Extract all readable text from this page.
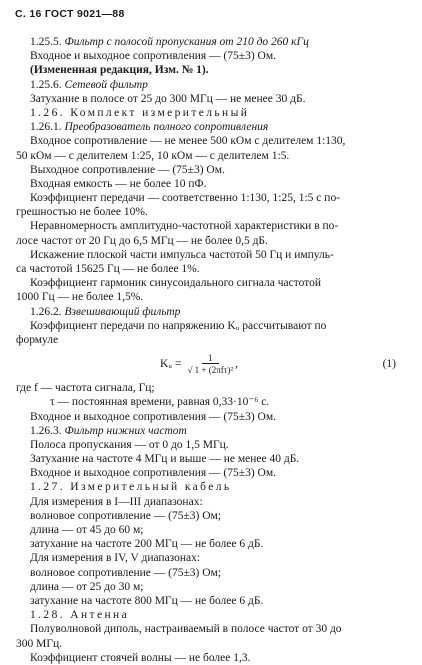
С. 16 ГОСТ 9021—88
1.25.5. Фильтр с полосой пропускания от 210 до 260 кГц
Входное и выходное сопротивления — (75±3) Ом.
(Измененная редакция, Изм. № 1).
1.25.6. Сетевой фильтр
Затухание в полосе от 25 до 300 МГц — не менее 30 дБ.
1.26. Комплект измерительный
1.26.1. Преобразователь полного сопротивления
Входное сопротивление — не менее 500 кОм с делителем 1:130,
50 кОм — с делителем 1:25, 10 кОм — с делителем 1:5.
Выходное сопротивление — (75±3) Ом.
Входная емкость — не более 10 пФ.
Коэффициент передачи — соответственно 1:130, 1:25, 1:5 с по-
грешностью не более 10%.
Неравномерность амплитудно-частотной характеристики в по-
лосе частот от 20 Гц до 6,5 МГц — не более 0,5 дБ.
Искажение плоской части импульса частотой 50 Гц и импуль-
са частотой 15625 Гц — не более 1%.
Коэффициент гармоник синусоидального сигнала частотой
1000 Гц — не более 1,5%.
1.26.2. Взвешивающий фильтр
Коэффициент передачи по напряжению Kᵤ рассчитывают по
формуле
Kᵤ = $\frac{1}{\text{√ 1 + (2πfτ)²}}$ ,	(1)
где f — частота сигнала, Гц;
τ — постоянная времени, равная 0,33·10⁻⁶ с.
Входное и выходное сопротивления — (75±3) Ом.
1.26.3. Фильтр нижних частот
Полоса пропускания — от 0 до 1,5 МГц.
Затухание на частоте 4 МГц и выше — не менее 40 дБ.
Входное и выходное сопротивления — (75±3) Ом.
1.27. Измерительный кабель
Для измерения в I—III диапазонах:
волновое сопротивление — (75±3) Ом;
длина — от 45 до 60 м;
затухание на частоте 200 МГц — не более 6 дБ.
Для измерения в IV, V диапазонах:
волновое сопротивление — (75±3) Ом;
длина — от 25 до 30 м;
затухание на частоте 800 МГц — не более 6 дБ.
1.28. Антенна
Полуволновой диполь, настраиваемый в полосе частот от 30 до
300 МГц.
Коэффициент стоячей волны — не более 1,3.
